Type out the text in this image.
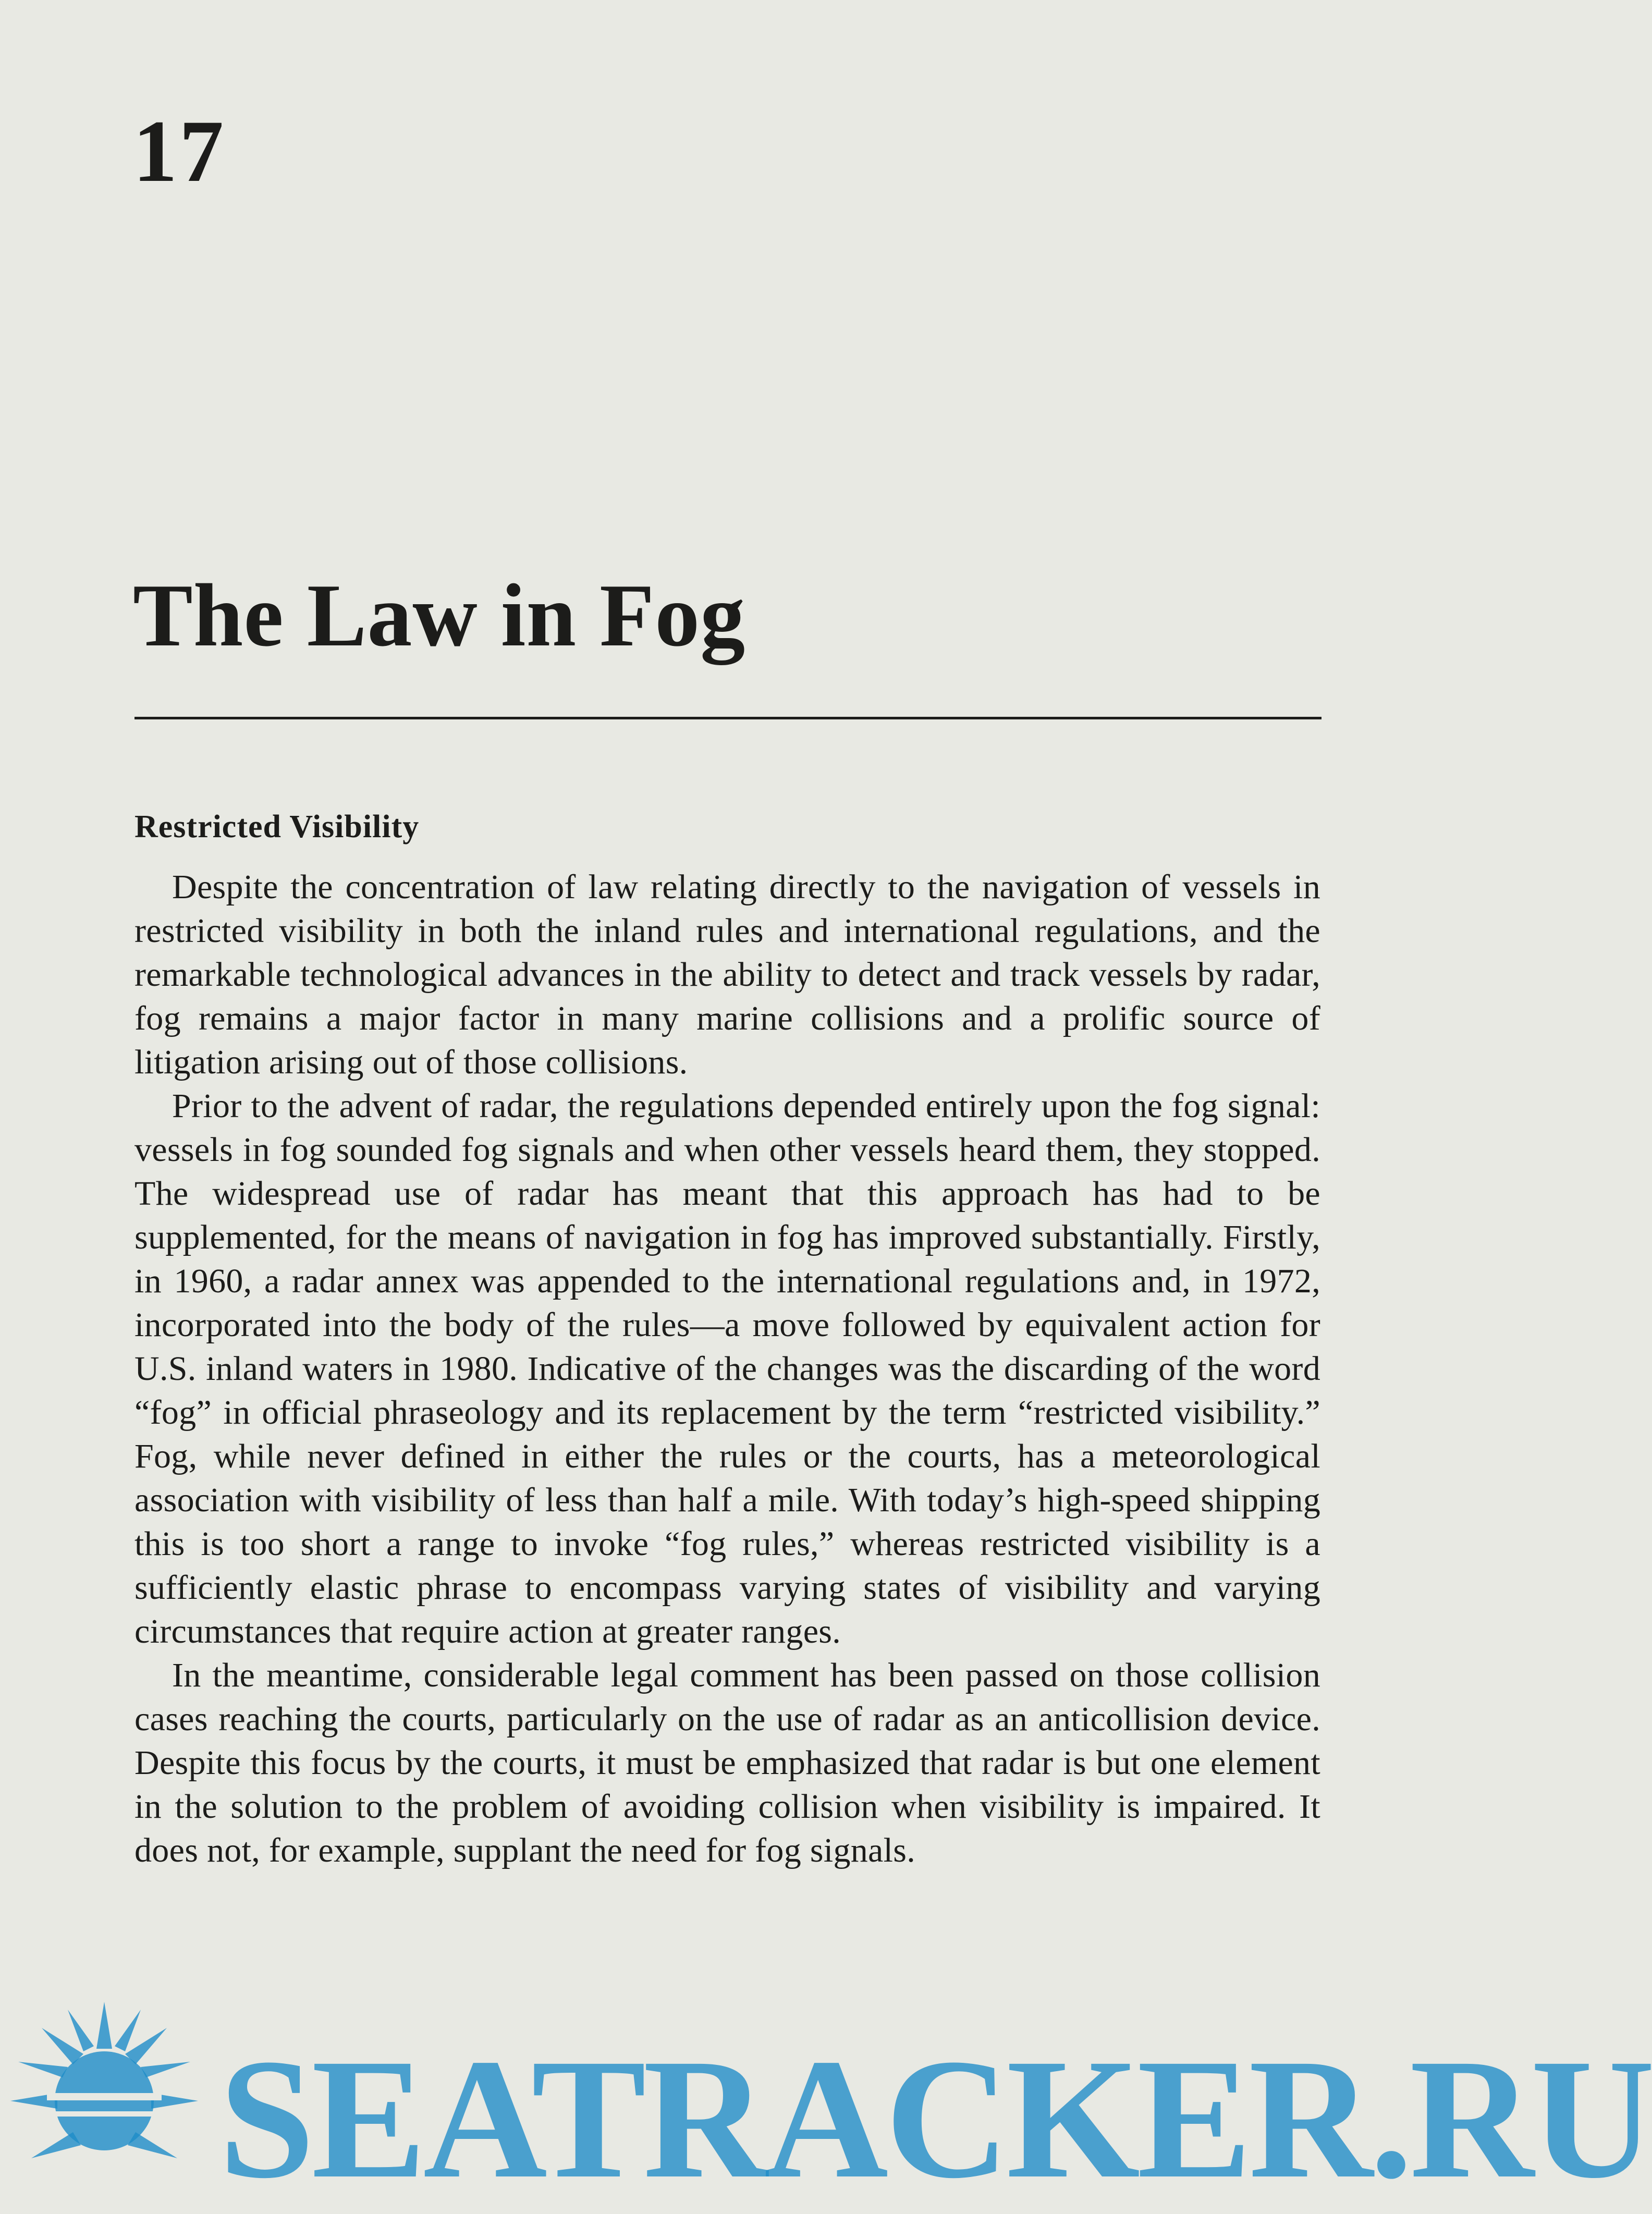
17
The Law in Fog
Restricted Visibility

Despite the concentration of law relating directly to the navigation of vessels in restricted visibility in both the inland rules and international regulations, and the remarkable technological advances in the ability to detect and track vessels by radar, fog remains a major factor in many marine collisions and a prolific source of litigation arising out of those collisions.

Prior to the advent of radar, the regulations depended entirely upon the fog signal: vessels in fog sounded fog signals and when other vessels heard them, they stopped. The widespread use of radar has meant that this approach has had to be supplemented, for the means of navigation in fog has improved substantially. Firstly, in 1960, a radar annex was appended to the international regulations and, in 1972, incorporated into the body of the rules—a move followed by equivalent action for U.S. inland waters in 1980. Indicative of the changes was the discarding of the word “fog” in official phraseology and its replacement by the term “restricted visibility.” Fog, while never defined in either the rules or the courts, has a meteorological association with visibility of less than half a mile. With today’s high-speed shipping this is too short a range to invoke “fog rules,” whereas restricted visibility is a sufficiently elastic phrase to encompass varying states of visibility and varying circumstances that require action at greater ranges.

In the meantime, considerable legal comment has been passed on those collision cases reaching the courts, particularly on the use of radar as an anticollision device. Despite this focus by the courts, it must be emphasized that radar is but one element in the solution to the problem of avoiding collision when visibility is impaired. It does not, for example, supplant the need for fog signals.

SEATRACKER.RU
